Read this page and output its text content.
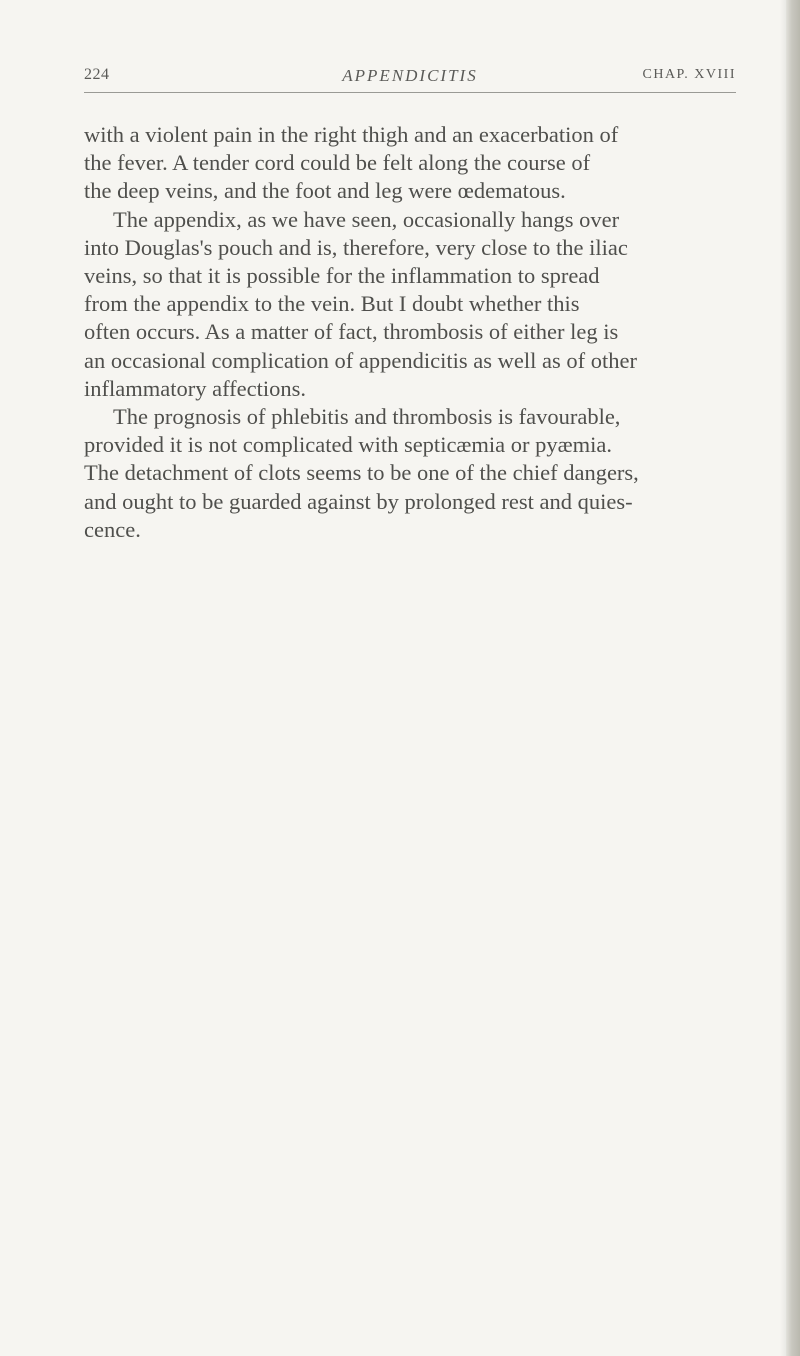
224	APPENDICITIS	CHAP. XVIII

with a violent pain in the right thigh and an exacerbation of
the fever. A tender cord could be felt along the course of
the deep veins, and the foot and leg were œdematous.

The appendix, as we have seen, occasionally hangs over
into Douglas's pouch and is, therefore, very close to the iliac
veins, so that it is possible for the inflammation to spread
from the appendix to the vein. But I doubt whether this
often occurs. As a matter of fact, thrombosis of either leg is
an occasional complication of appendicitis as well as of other
inflammatory affections.

The prognosis of phlebitis and thrombosis is favourable,
provided it is not complicated with septicæmia or pyæmia.
The detachment of clots seems to be one of the chief dangers,
and ought to be guarded against by prolonged rest and quies-
cence.
